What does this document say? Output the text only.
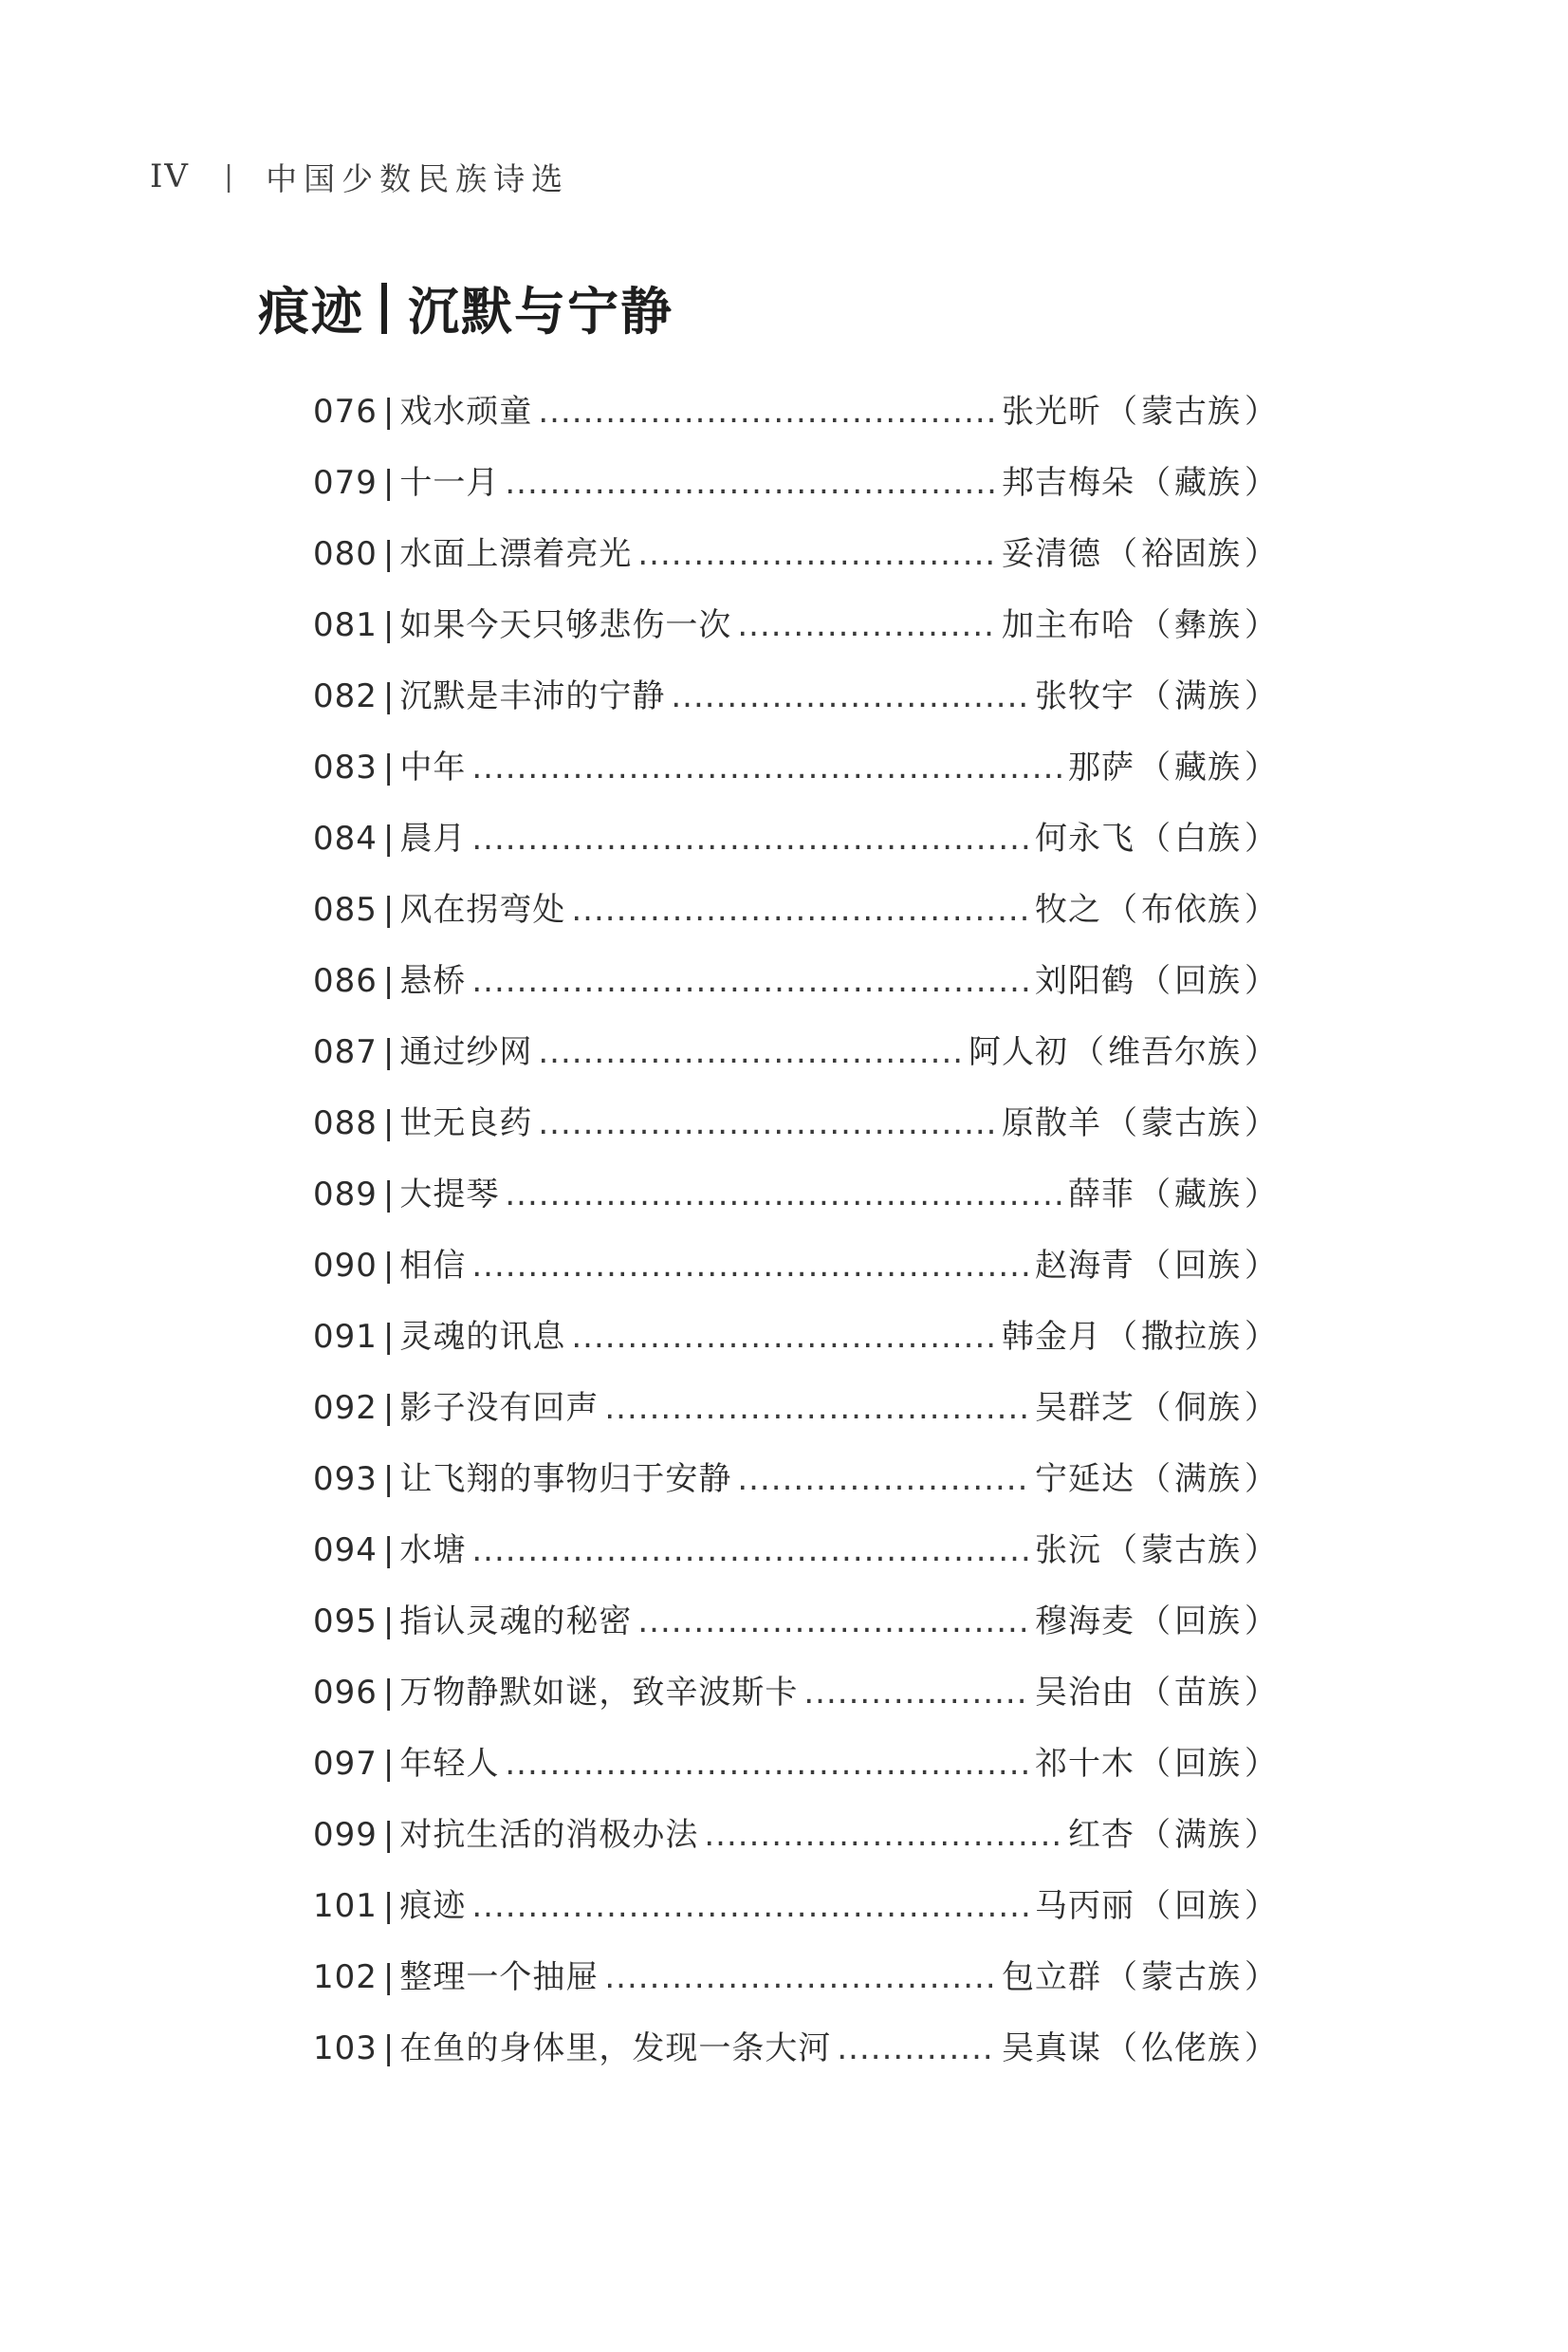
IV | 中国少数民族诗选
痕迹 沉默与宁静
076 | 戏水顽童 .....	张光昕 （ 蒙古族 ）
079 | 十一月 .....	邦吉梅朵 （ 藏族 ）
080 | 水面上漂着亮光 .....	妥清德 （ 裕固族 ）
081 | 如果今天只够悲伤一次 .....	加主布哈 （ 彝族 ）
082 | 沉默是丰沛的宁静 .....	张牧宇 （ 满族 ）
083 | 中年 .....	那萨 （ 藏族 ）
084 | 晨月 .....	何永飞 （ 白族 ）
085 | 风在拐弯处 .....	牧之 （ 布依族 ）
086 | 悬桥 .....	刘阳鹤 （ 回族 ）
087 | 通过纱网 .....	阿人初 （ 维吾尔族 ）
088 | 世无良药 .....	原散羊 （ 蒙古族 ）
089 | 大提琴 .....	薛菲 （ 藏族 ）
090 | 相信 .....	赵海青 （ 回族 ）
091 | 灵魂的讯息 .....	韩金月 （ 撒拉族 ）
092 | 影子没有回声 .....	吴群芝 （ 侗族 ）
093 | 让飞翔的事物归于安静 .....	宁延达 （ 满族 ）
094 | 水塘 .....	张沅 （ 蒙古族 ）
095 | 指认灵魂的秘密 .....	穆海麦 （ 回族 ）
096 | 万物静默如谜，致辛波斯卡 .....	吴治由 （ 苗族 ）
097 | 年轻人 .....	祁十木 （ 回族 ）
099 | 对抗生活的消极办法 .....	红杏 （ 满族 ）
101 | 痕迹 .....	马丙丽 （ 回族 ）
102 | 整理一个抽屉 .....	包立群 （ 蒙古族 ）
103 | 在鱼的身体里，发现一条大河 .....	吴真谋 （ 仫佬族 ）
